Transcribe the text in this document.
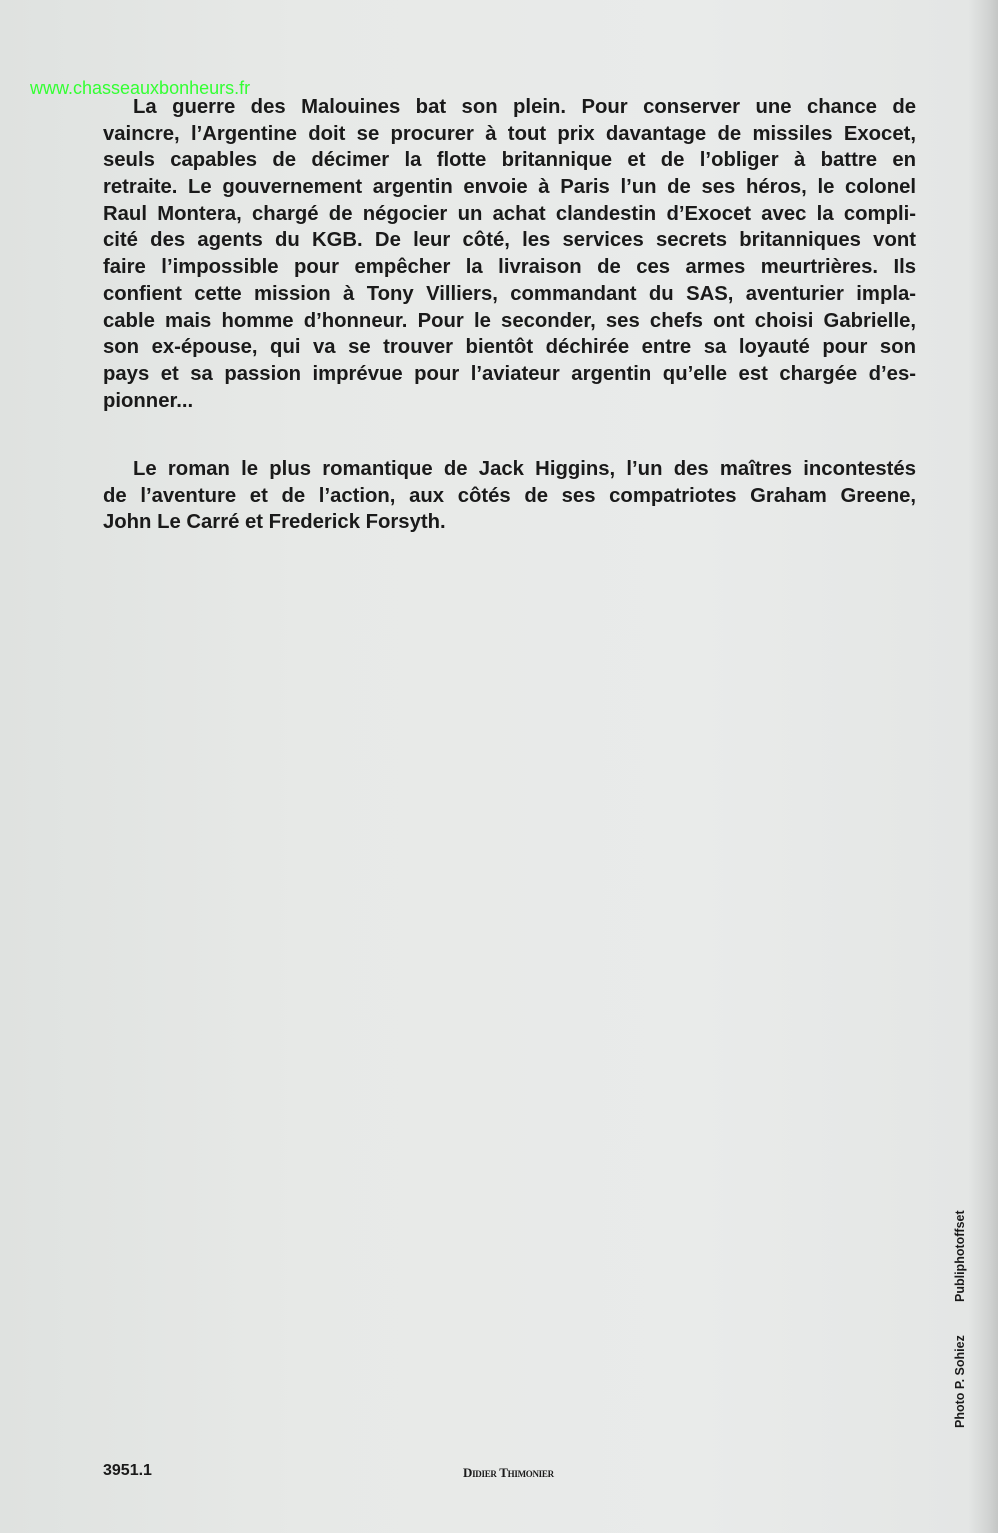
www.chasseauxbonheurs.fr
La guerre des Malouines bat son plein. Pour conserver une chance de
vaincre, l’Argentine doit se procurer à tout prix davantage de missiles Exocet,
seuls capables de décimer la flotte britannique et de l’obliger à battre en
retraite. Le gouvernement argentin envoie à Paris l’un de ses héros, le colonel
Raul Montera, chargé de négocier un achat clandestin d’Exocet avec la compli-
cité des agents du KGB. De leur côté, les services secrets britanniques vont
faire l’impossible pour empêcher la livraison de ces armes meurtrières. Ils
confient cette mission à Tony Villiers, commandant du SAS, aventurier impla-
cable mais homme d’honneur. Pour le seconder, ses chefs ont choisi Gabrielle,
son ex-épouse, qui va se trouver bientôt déchirée entre sa loyauté pour son
pays et sa passion imprévue pour l’aviateur argentin qu’elle est chargée d’es-
pionner...
Le roman le plus romantique de Jack Higgins, l’un des maîtres incontestés
de l’aventure et de l’action, aux côtés de ses compatriotes Graham Greene,
John Le Carré et Frederick Forsyth.
3951.1	Didier Thimonier
Photo P. Sohiez
Publiphotoffset
